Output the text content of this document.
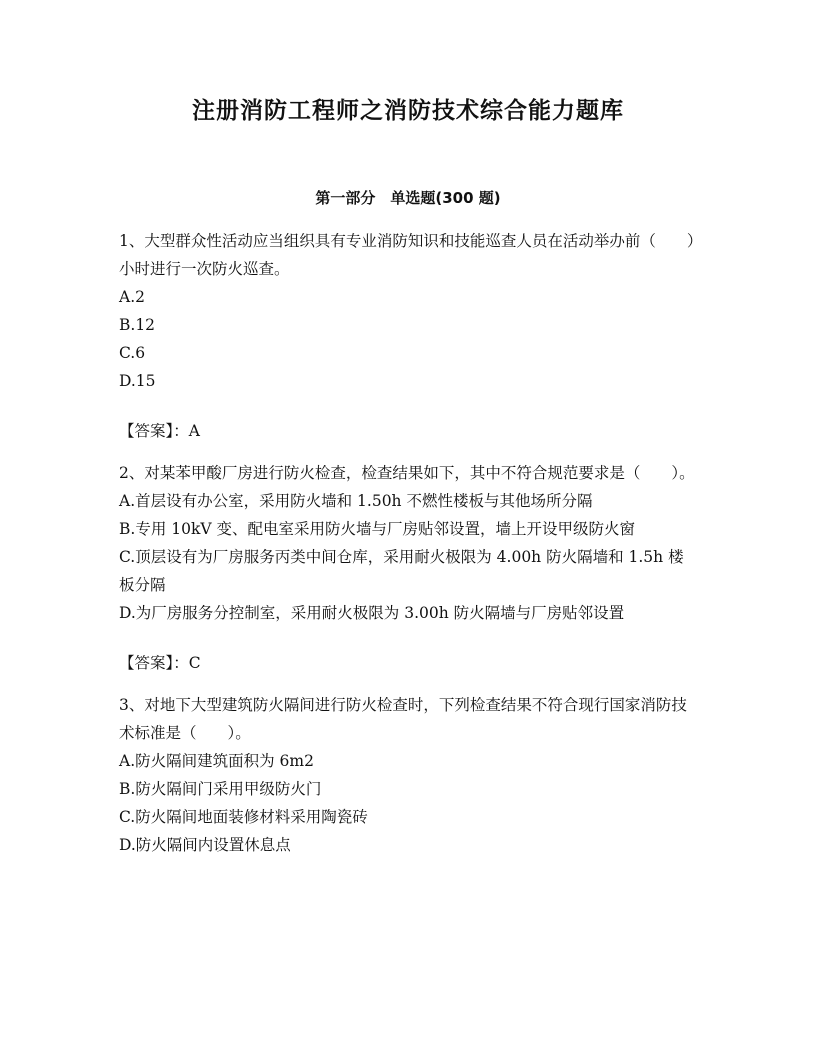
注册消防工程师之消防技术综合能力题库
第一部分　单选题(300 题)

1、大型群众性活动应当组织具有专业消防知识和技能巡查人员在活动举办前（　　）小时进行一次防火巡查。

A.2

B.12

C.6

D.15

【答案】：A

2、对某苯甲酸厂房进行防火检查，检查结果如下，其中不符合规范要求是（　　）。

A.首层设有办公室，采用防火墙和 1.50h 不燃性楼板与其他场所分隔

B.专用 10kV 变、配电室采用防火墙与厂房贴邻设置，墙上开设甲级防火窗

C.顶层设有为厂房服务丙类中间仓库，采用耐火极限为 4.00h 防火隔墙和 1.5h 楼板分隔

D.为厂房服务分控制室，采用耐火极限为 3.00h 防火隔墙与厂房贴邻设置

【答案】：C

3、对地下大型建筑防火隔间进行防火检查时，下列检查结果不符合现行国家消防技术标准是（　　）。

A.防火隔间建筑面积为 6m2

B.防火隔间门采用甲级防火门

C.防火隔间地面装修材料采用陶瓷砖

D.防火隔间内设置休息点
